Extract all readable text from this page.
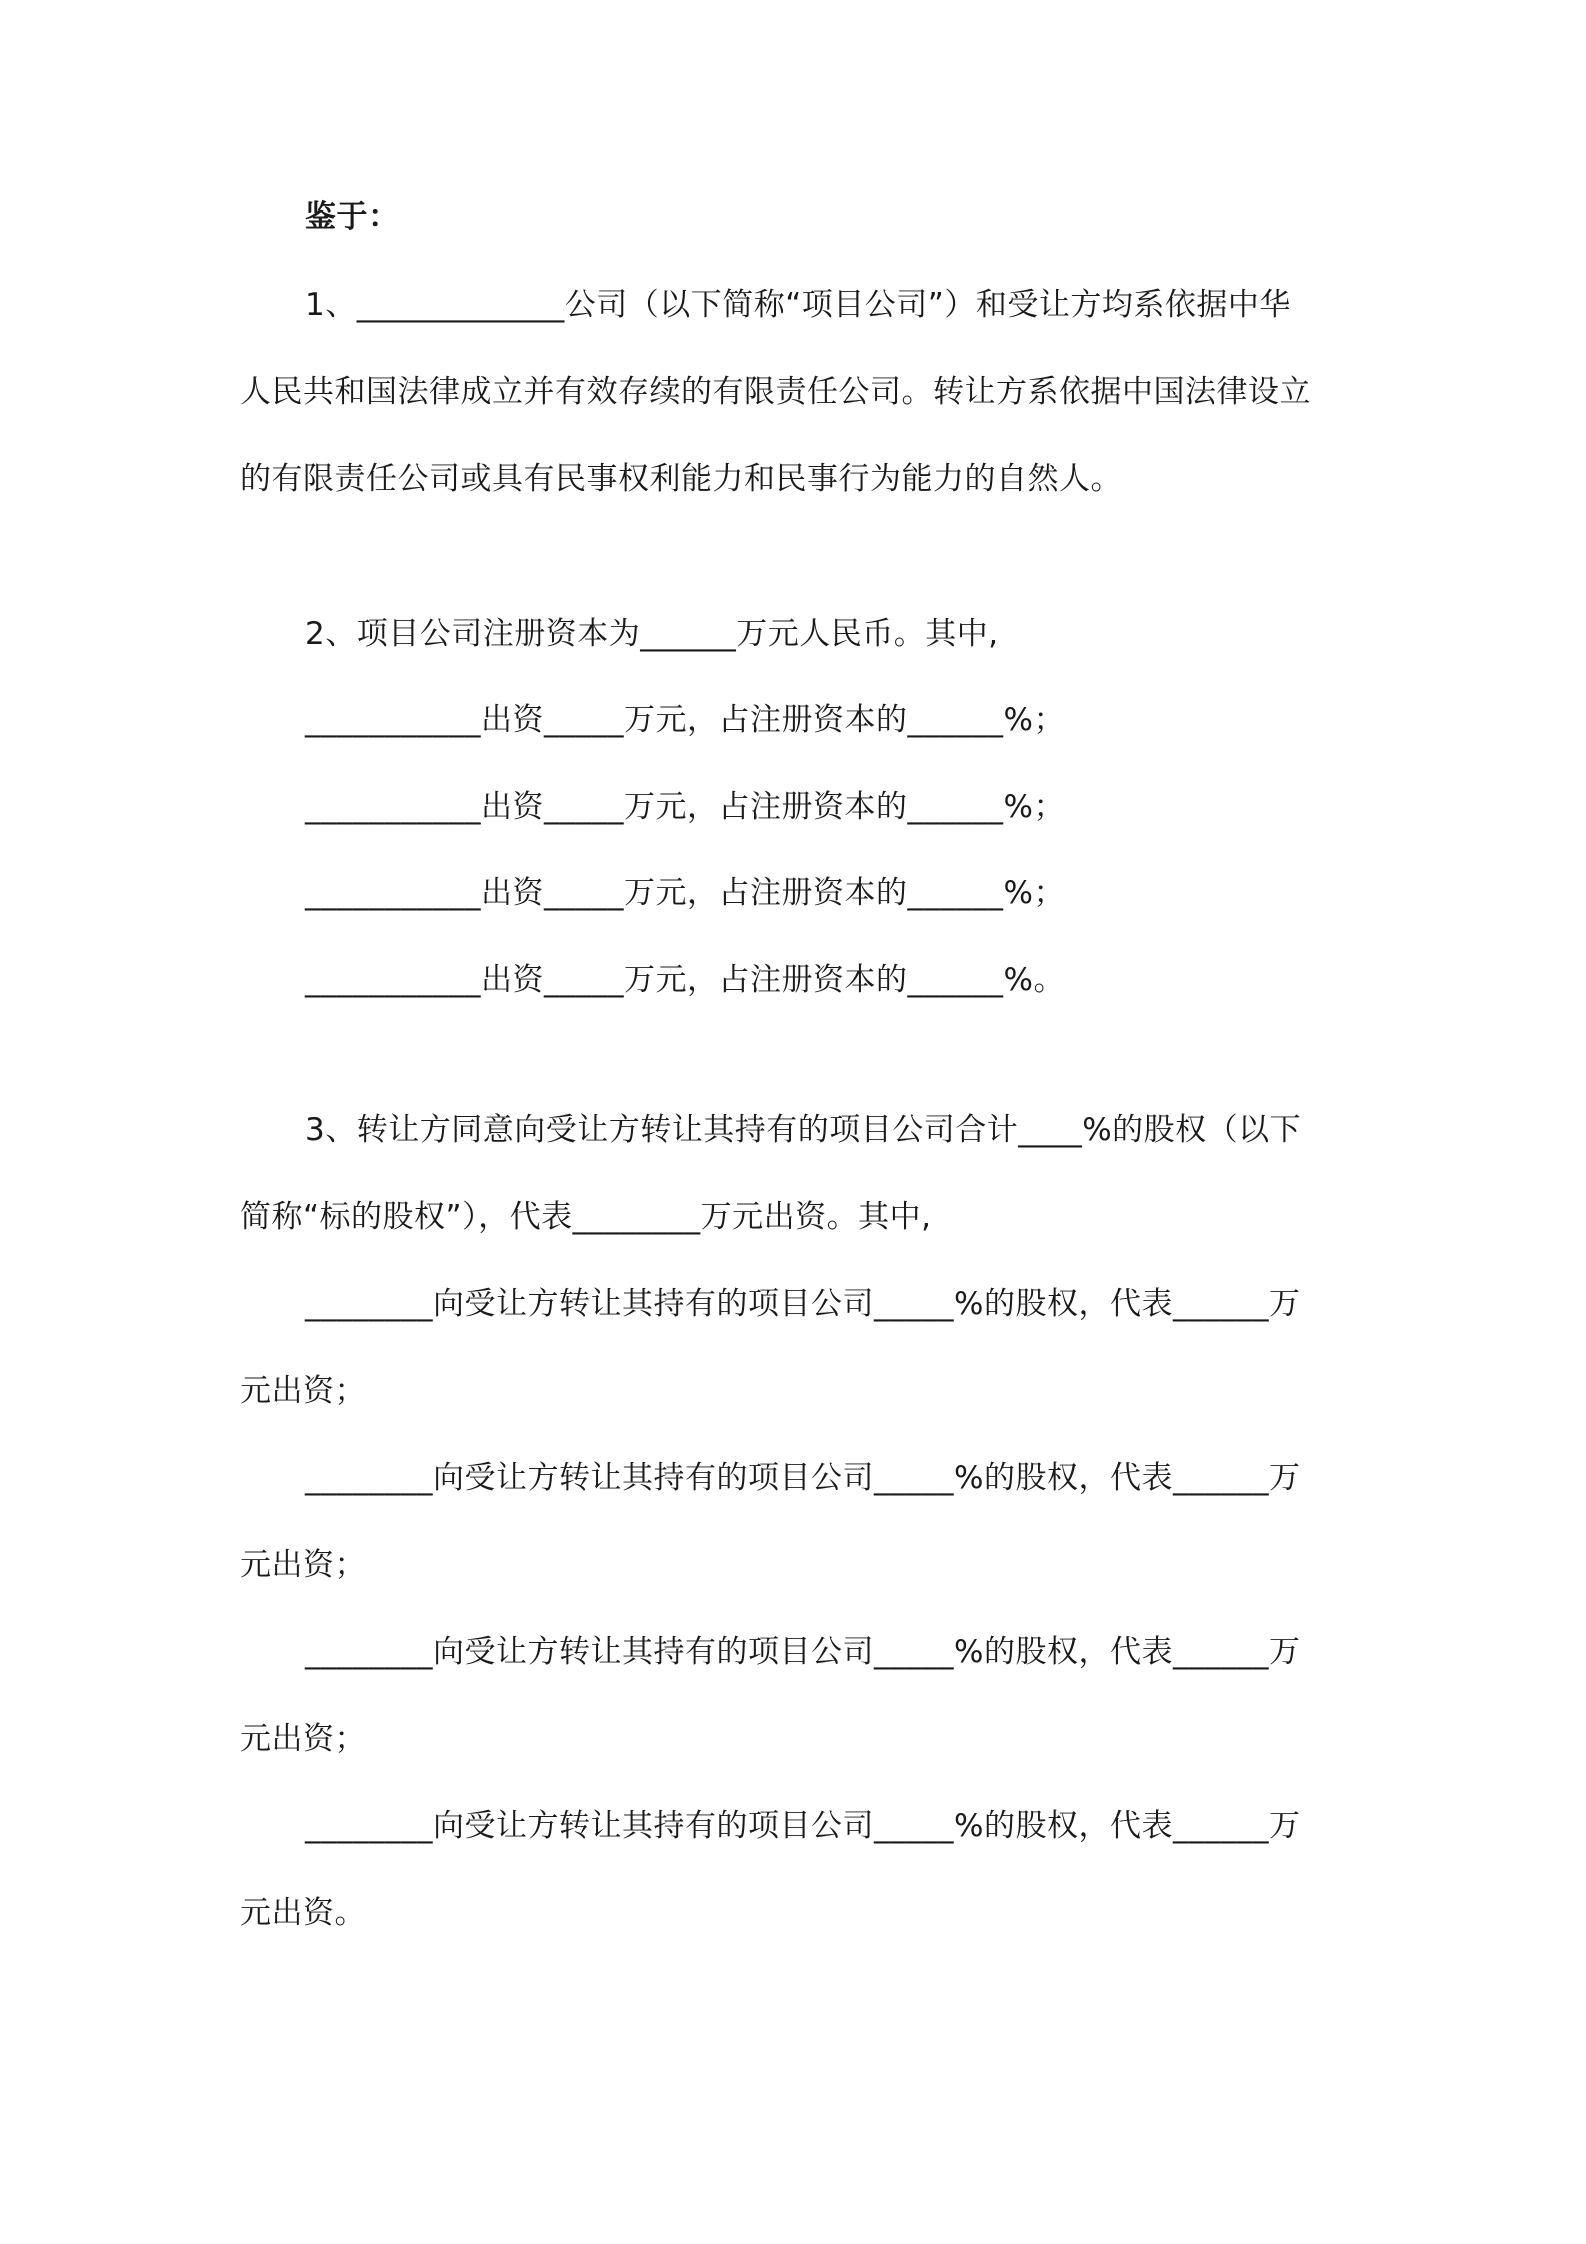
鉴于：
1、_____________公司（以下简称“项目公司”）和受让方均系依据中华
人民共和国法律成立并有效存续的有限责任公司。转让方系依据中国法律设立
的有限责任公司或具有民事权利能力和民事行为能力的自然人。
2、项目公司注册资本为______万元人民币。其中,
___________出资_____万元，占注册资本的______%；
___________出资_____万元，占注册资本的______%；
___________出资_____万元，占注册资本的______%；
___________出资_____万元，占注册资本的______%。
3、转让方同意向受让方转让其持有的项目公司合计____%的股权（以下
简称“标的股权”），代表________万元出资。其中,
________向受让方转让其持有的项目公司_____%的股权，代表______万
元出资；
________向受让方转让其持有的项目公司_____%的股权，代表______万
元出资；
________向受让方转让其持有的项目公司_____%的股权，代表______万
元出资；
________向受让方转让其持有的项目公司_____%的股权，代表______万
元出资。
